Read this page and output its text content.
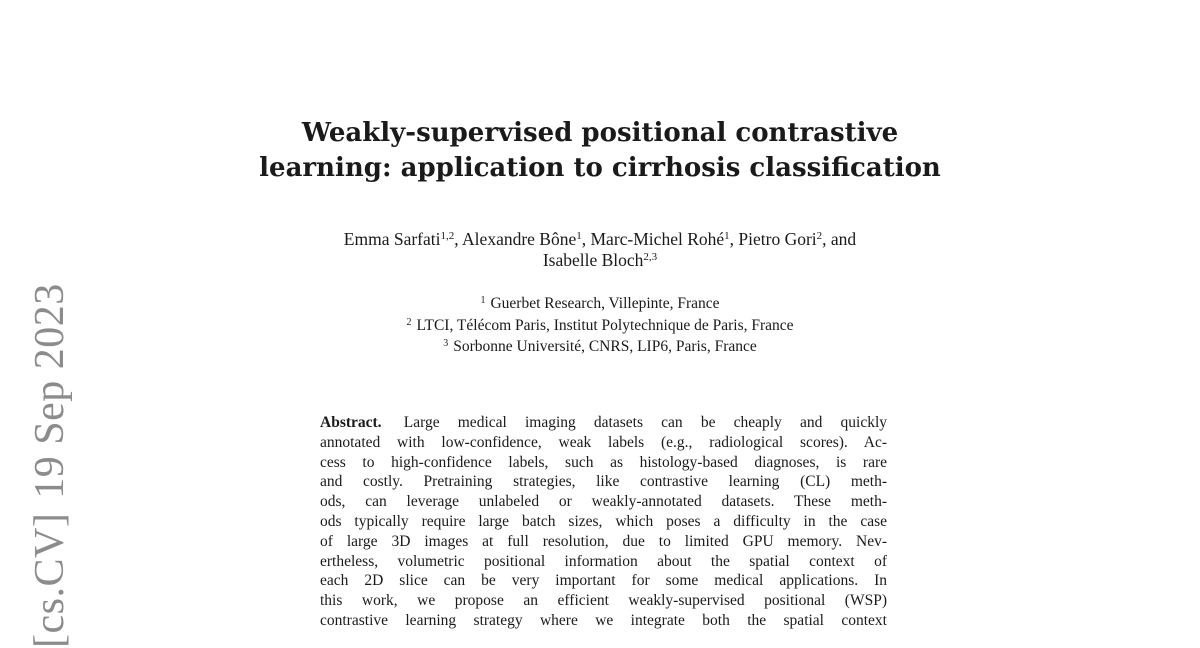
[cs.CV]19 Sep 2023
Weakly-supervised positional contrastive
learning: application to cirrhosis classification
Emma Sarfati$^{1,2}$, Alexandre Bône$^1$, Marc-Michel Rohé$^1$, Pietro Gori$^2$, and
Isabelle Bloch$^{2,3}$
$^1$ Guerbet Research, Villepinte, France
$^2$ LTCI, Télécom Paris, Institut Polytechnique de Paris, France
$^3$ Sorbonne Université, CNRS, LIP6, Paris, France
Abstract. Large medical imaging datasets can be cheaply and quickly
annotated with low-confidence, weak labels (e.g., radiological scores). Ac-
cess to high-confidence labels, such as histology-based diagnoses, is rare
and costly. Pretraining strategies, like contrastive learning (CL) meth-
ods, can leverage unlabeled or weakly-annotated datasets. These meth-
ods typically require large batch sizes, which poses a difficulty in the case
of large 3D images at full resolution, due to limited GPU memory. Nev-
ertheless, volumetric positional information about the spatial context of
each 2D slice can be very important for some medical applications. In
this work, we propose an efficient weakly-supervised positional (WSP)
contrastive learning strategy where we integrate both the spatial context
